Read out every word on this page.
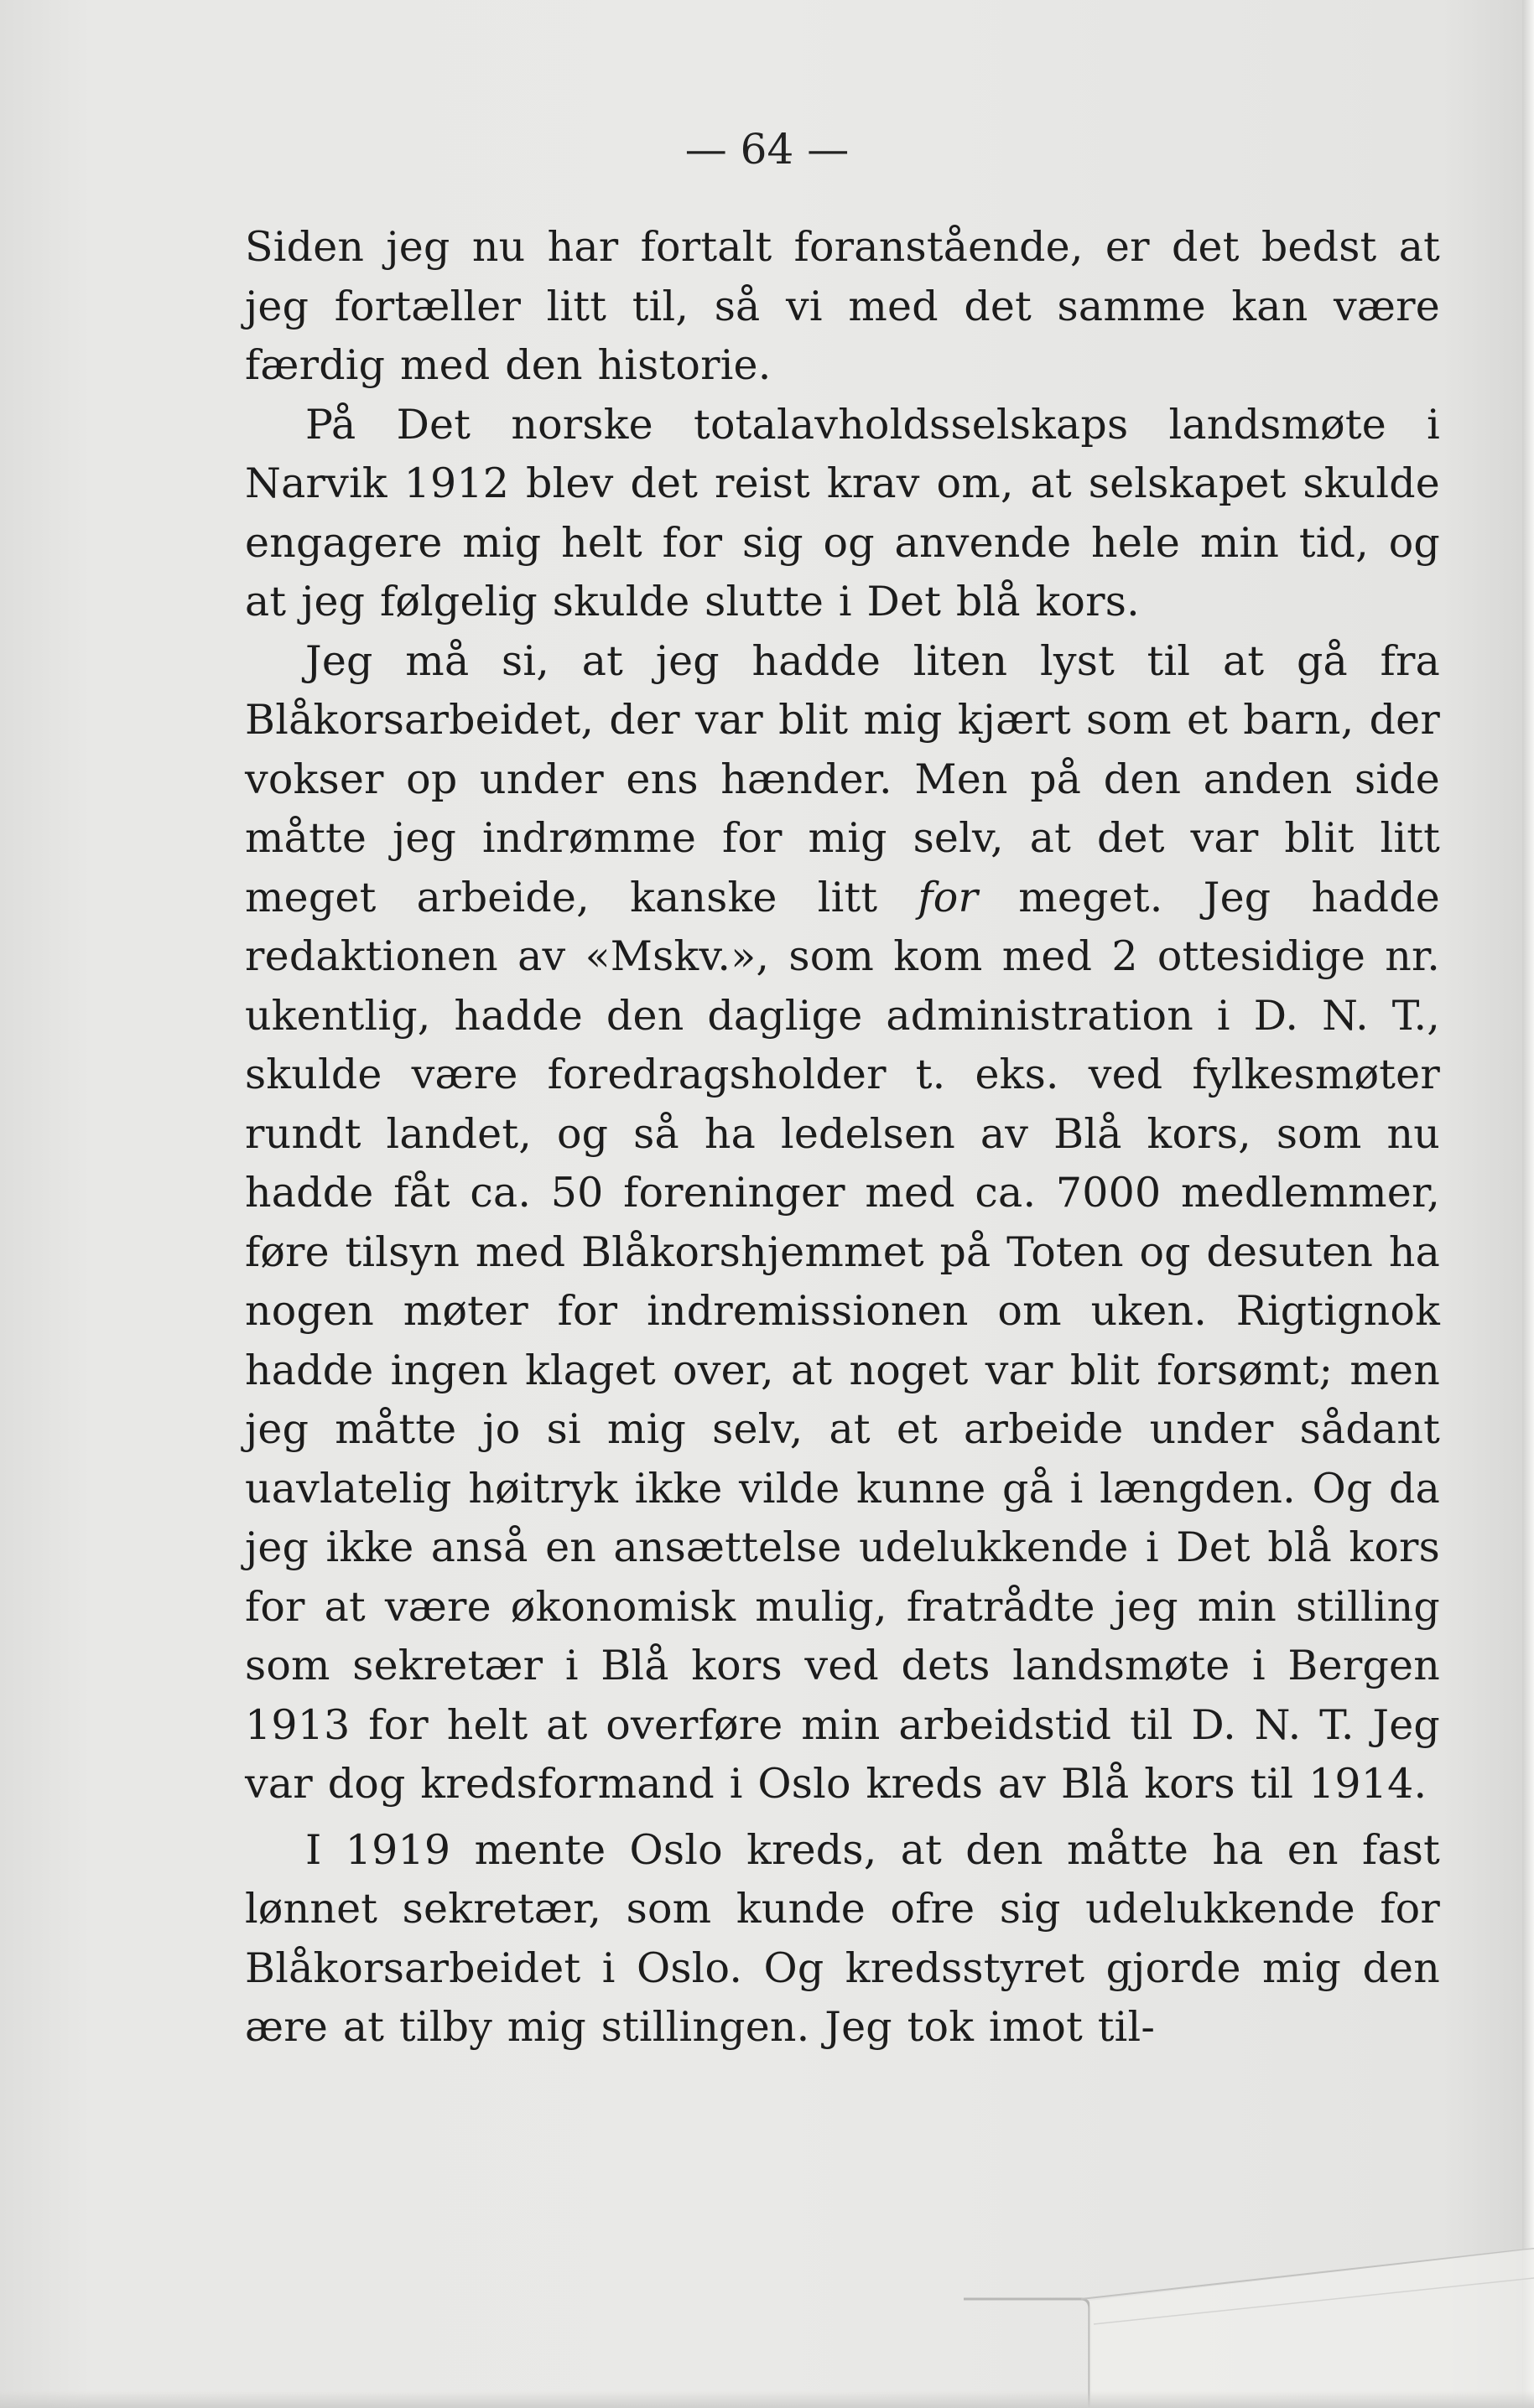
— 64 —

Siden jeg nu har fortalt foranstående, er det bedst at jeg fortæller litt til, så vi med det samme kan være færdig med den historie.

På Det norske totalavholdsselskaps landsmøte i Narvik 1912 blev det reist krav om, at selskapet skulde engagere mig helt for sig og anvende hele min tid, og at jeg følgelig skulde slutte i Det blå kors.

Jeg må si, at jeg hadde liten lyst til at gå fra Blåkorsarbeidet, der var blit mig kjært som et barn, der vokser op under ens hænder. Men på den anden side måtte jeg indrømme for mig selv, at det var blit litt meget arbeide, kanske litt for meget. Jeg hadde redaktionen av «Mskv.», som kom med 2 ottesidige nr. ukentlig, hadde den daglige administration i D. N. T., skulde være foredragsholder t. eks. ved fylkesmøter rundt landet, og så ha ledelsen av Blå kors, som nu hadde fåt ca. 50 foreninger med ca. 7000 medlemmer, føre tilsyn med Blåkorshjemmet på Toten og desuten ha nogen møter for indremissionen om uken. Rigtignok hadde ingen klaget over, at noget var blit forsømt; men jeg måtte jo si mig selv, at et arbeide under sådant uavlatelig høitryk ikke vilde kunne gå i længden. Og da jeg ikke anså en ansættelse udelukkende i Det blå kors for at være økonomisk mulig, fratrådte jeg min stilling som sekretær i Blå kors ved dets landsmøte i Bergen 1913 for helt at overføre min arbeidstid til D. N. T. Jeg var dog kredsformand i Oslo kreds av Blå kors til 1914.

I 1919 mente Oslo kreds, at den måtte ha en fast lønnet sekretær, som kunde ofre sig udelukkende for Blåkorsarbeidet i Oslo. Og kredsstyret gjorde mig den ære at tilby mig stillingen. Jeg tok imot til-
